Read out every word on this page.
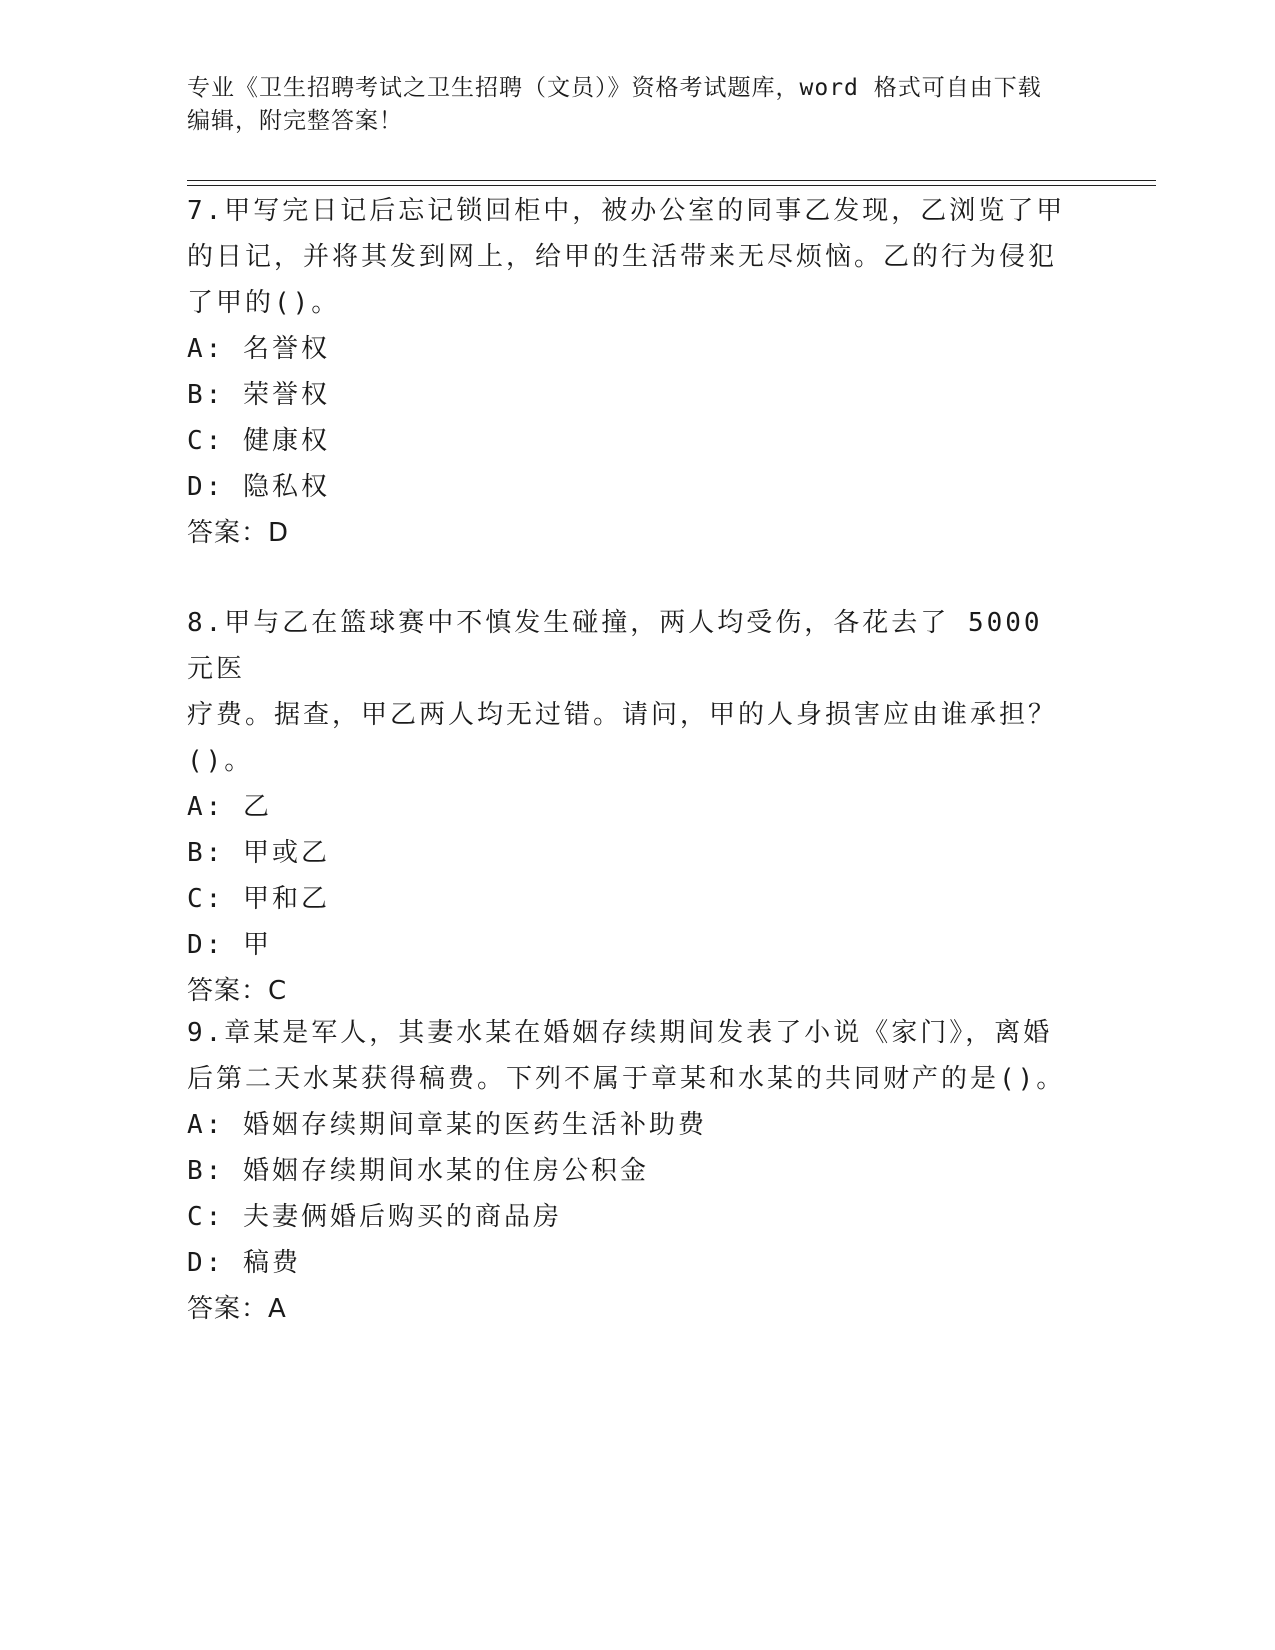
专业《卫生招聘考试之卫生招聘（文员）》资格考试题库，word 格式可自由下载
编辑，附完整答案！

7.甲写完日记后忘记锁回柜中，被办公室的同事乙发现，乙浏览了甲

的日记，并将其发到网上，给甲的生活带来无尽烦恼。乙的行为侵犯

了甲的()。

A: 名誉权

B: 荣誉权

C: 健康权

D: 隐私权

答案：D

8.甲与乙在篮球赛中不慎发生碰撞，两人均受伤，各花去了 5000 元医

疗费。据查，甲乙两人均无过错。请问，甲的人身损害应由谁承担？

()。

A: 乙

B: 甲或乙

C: 甲和乙

D: 甲

答案：C

9.章某是军人，其妻水某在婚姻存续期间发表了小说《家门》，离婚

后第二天水某获得稿费。下列不属于章某和水某的共同财产的是()。

A: 婚姻存续期间章某的医药生活补助费

B: 婚姻存续期间水某的住房公积金

C: 夫妻俩婚后购买的商品房

D: 稿费

答案：A
